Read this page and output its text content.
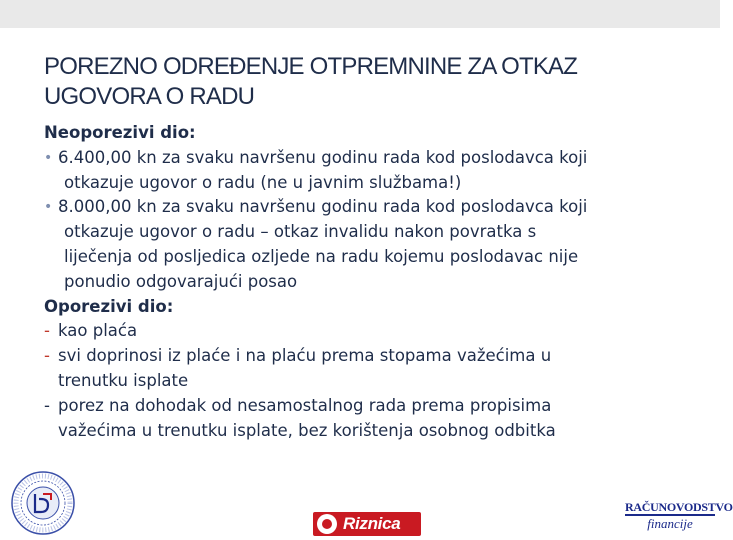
POREZNO ODREĐENJE OTPREMNINE ZA OTKAZ
UGOVORA O RADU
Neoporezivi dio:
• 6.400,00 kn za svaku navršenu godinu rada kod poslodavca koji
otkazuje ugovor o radu (ne u javnim službama!)
• 8.000,00 kn za svaku navršenu godinu rada kod poslodavca koji
otkazuje ugovor o radu – otkaz invalidu nakon povratka s
liječenja od posljedica ozljede na radu kojemu poslodavac nije
ponudio odgovarajući posao
Oporezivi dio:
- kao plaća
- svi doprinosi iz plaće i na plaću prema stopama važećima u
trenutku isplate
- porez na dohodak od nesamostalnog rada prema propisima
važećima u trenutku isplate, bez korištenja osobnog odbitka
Riznica
RAČUNOVODSTVO
financije
